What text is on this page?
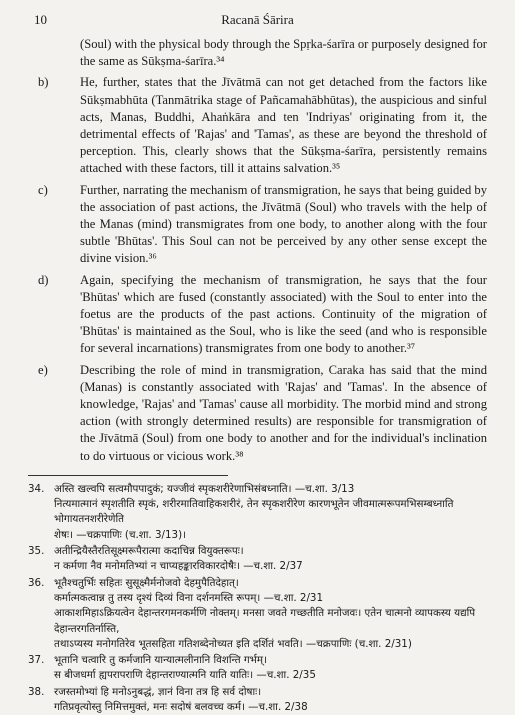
10	Racanā Śārira
(Soul) with the physical body through the Spṛka-śarīra or purposely designed for the same as Sūkṣma-śarīra.³⁴
b)	He, further, states that the Jīvātmā can not get detached from the factors like Sūkṣmabhūta (Tanmātrika stage of Pañcamahābhūtas), the auspicious and sinful acts, Manas, Buddhi, Ahaṅkāra and ten 'Indriyas' originating from it, the detrimental effects of 'Rajas' and 'Tamas', as these are beyond the threshold of perception. This, clearly shows that the Sūkṣma-śarīra, persistently remains attached with these factors, till it attains salvation.³⁵
c)	Further, narrating the mechanism of transmigration, he says that being guided by the association of past actions, the Jīvātmā (Soul) who travels with the help of the Manas (mind) transmigrates from one body, to another along with the four subtle 'Bhūtas'. This Soul can not be perceived by any other sense except the divine vision.³⁶
d)	Again, specifying the mechanism of transmigration, he says that the four 'Bhūtas' which are fused (constantly associated) with the Soul to enter into the foetus are the products of the past actions. Continuity of the migration of 'Bhūtas' is maintained as the Soul, who is like the seed (and who is responsible for several incarnations) transmigrates from one body to another.³⁷
e)	Describing the role of mind in transmigration, Caraka has said that the mind (Manas) is constantly associated with 'Rajas' and 'Tamas'. In the absence of knowledge, 'Rajas' and 'Tamas' cause all morbidity. The morbid mind and strong action (with strongly determined results) are responsible for transmigration of the Jīvātmā (Soul) from one body to another and for the individual's inclination to do virtuous or vicious work.³⁸
34. अस्ति खल्वपि सत्वमौपपादुकं; यज्जीवं स्पृकशरीरेणाभिसंबध्नाति। —च.शा. 3/13
नित्यमात्मानं स्पृशतीति स्पृकं, शरीरमातिवाहिकशरीरं, तेन स्पृकशरीरेण कारणभूतेन जीवमात्मरूपमभिसम्बध्नाति भोगायतनशरीरेणेति
शेषः। —चक्रपाणिः (च.शा. 3/13)।
35. अतीन्द्रियैस्तैरतिसूक्ष्मरूपैरात्मा कदाचिन्न वियुक्तरूपः।
न कर्मणा नैव मनोमतिभ्यां न चाप्यहङ्कारविकारदोषैः। —च.शा. 2/37
36. भूतैश्चतुर्भिः सहितः सुसूक्ष्मैर्मनोजवो देहमुपैतिदेहात्।
कर्मात्मकत्वान्न तु तस्य दृश्यं दिव्यं विना दर्शनमस्ति रूपम्। —च.शा. 2/31
आकाशमिहाऽक्रियत्वेन देहान्तरगमनकर्मणि नोक्तम्। मनसा जवते गच्छतीति मनोजवः। एतेन चात्मनो व्यापकस्य यद्यपि देहान्तरगतिर्नास्ति,
तथाऽप्यस्य मनोगतिरेव भूतसहिता गतिशब्देनोच्यत इति दर्शितं भवति। —चक्रपाणिः (च.शा. 2/31)
37. भूतानि चत्वारि तु कर्मजानि यान्यात्मलीनानि विशन्ति गर्भम्।
स बीजधर्मा ह्यपरापराणि देहान्तराण्यात्मनि याति यातिः। —च.शा. 2/35
38. रजस्तमोभ्यां हि मनोऽनुबद्धं, ज्ञानं विना तत्र हि सर्व दोषाः।
गतिप्रवृत्योस्तु निमित्तमुक्तं, मनः सदोषं बलवच्च कर्म। —च.शा. 2/38
